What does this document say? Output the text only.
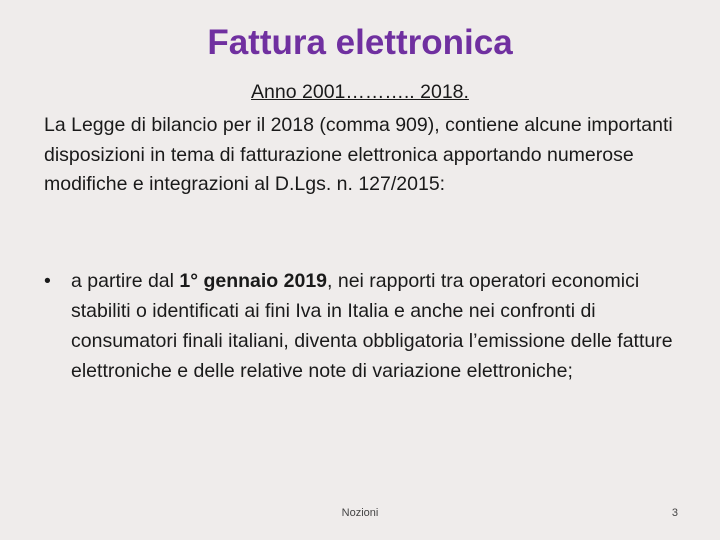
Fattura elettronica

Anno 2001……….. 2018.

La Legge di bilancio per il 2018 (comma 909), contiene alcune importanti disposizioni in tema di fatturazione elettronica apportando numerose modifiche e integrazioni al D.Lgs. n. 127/2015:

• a partire dal 1° gennaio 2019, nei rapporti tra operatori economici stabiliti o identificati ai fini Iva in Italia e anche nei confronti di consumatori finali italiani, diventa obbligatoria l’emissione delle fatture elettroniche e delle relative note di variazione elettroniche;
Nozioni	3
